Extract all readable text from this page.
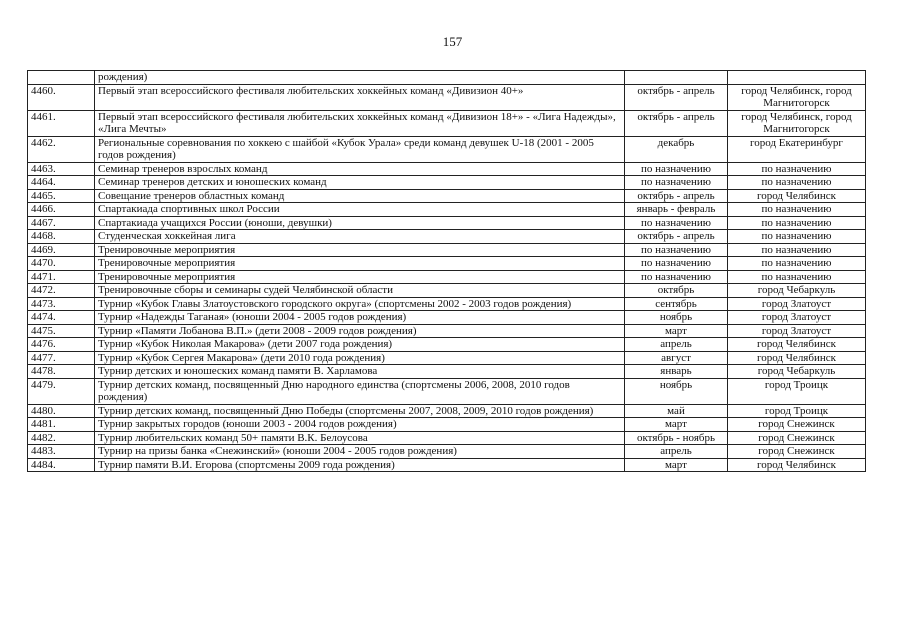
157
	рождения)		
4460.	Первый этап всероссийского фестиваля любительских хоккейных команд «Дивизион 40+»	октябрь - апрель	город Челябинск, город Магнитогорск
4461.	Первый этап всероссийского фестиваля любительских хоккейных команд «Дивизион 18+» - «Лига Надежды», «Лига Мечты»	октябрь - апрель	город Челябинск, город Магнитогорск
4462.	Региональные соревнования по хоккею с шайбой «Кубок Урала» среди команд девушек U-18 (2001 - 2005 годов рождения)	декабрь	город Екатеринбург
4463.	Семинар тренеров взрослых команд	по назначению	по назначению
4464.	Семинар тренеров детских и юношеских команд	по назначению	по назначению
4465.	Совещание тренеров областных команд	октябрь - апрель	город Челябинск
4466.	Спартакиада спортивных школ России	январь - февраль	по назначению
4467.	Спартакиада учащихся России (юноши, девушки)	по назначению	по назначению
4468.	Студенческая хоккейная лига	октябрь - апрель	по назначению
4469.	Тренировочные мероприятия	по назначению	по назначению
4470.	Тренировочные мероприятия	по назначению	по назначению
4471.	Тренировочные мероприятия	по назначению	по назначению
4472.	Тренировочные сборы и семинары судей Челябинской области	октябрь	город Чебаркуль
4473.	Турнир «Кубок Главы Златоустовского городского округа» (спортсмены 2002 - 2003 годов рождения)	сентябрь	город Златоуст
4474.	Турнир «Надежды Таганая» (юноши 2004 - 2005 годов рождения)	ноябрь	город Златоуст
4475.	Турнир «Памяти Лобанова В.П.» (дети 2008 - 2009 годов рождения)	март	город Златоуст
4476.	Турнир «Кубок Николая Макарова» (дети 2007 года рождения)	апрель	город Челябинск
4477.	Турнир «Кубок Сергея Макарова» (дети 2010 года рождения)	август	город Челябинск
4478.	Турнир детских и юношеских команд памяти В. Харламова	январь	город Чебаркуль
4479.	Турнир детских команд, посвященный Дню народного единства (спортсмены 2006, 2008, 2010 годов рождения)	ноябрь	город Троицк
4480.	Турнир детских команд, посвященный Дню Победы (спортсмены 2007, 2008, 2009, 2010 годов рождения)	май	город Троицк
4481.	Турнир закрытых городов (юноши 2003 - 2004 годов рождения)	март	город Снежинск
4482.	Турнир любительских команд 50+ памяти В.К. Белоусова	октябрь - ноябрь	город Снежинск
4483.	Турнир на призы банка «Снежинский» (юноши 2004 - 2005 годов рождения)	апрель	город Снежинск
4484.	Турнир памяти В.И. Егорова (спортсмены 2009 года рождения)	март	город Челябинск
